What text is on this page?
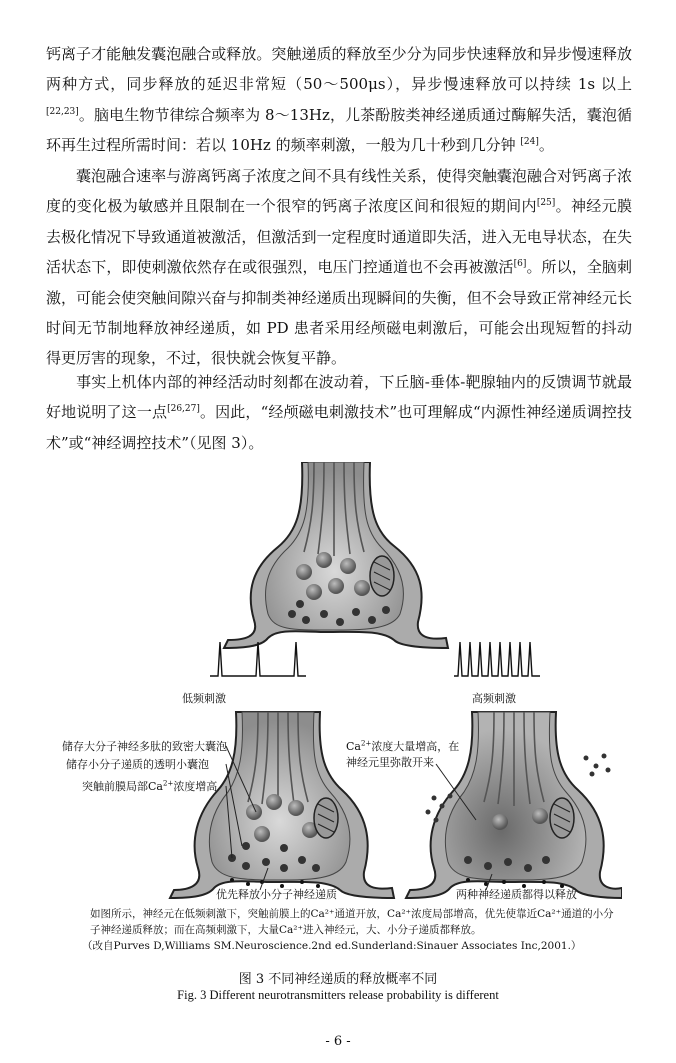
钙离子才能触发囊泡融合或释放。突触递质的释放至少分为同步快速释放和异步慢速释放两种方式，同步释放的延迟非常短（50～500μs），异步慢速释放可以持续 1s 以上[22,23]。脑电生物节律综合频率为 8～13Hz，儿茶酚胺类神经递质通过酶解失活，囊泡循环再生过程所需时间：若以 10Hz 的频率刺激，一般为几十秒到几分钟 [24]。

囊泡融合速率与游离钙离子浓度之间不具有线性关系，使得突触囊泡融合对钙离子浓度的变化极为敏感并且限制在一个很窄的钙离子浓度区间和很短的期间内[25]。神经元膜去极化情况下导致通道被激活，但激活到一定程度时通道即失活，进入无电导状态，在失活状态下，即使刺激依然存在或很强烈，电压门控通道也不会再被激活[6]。所以，全脑刺激，可能会使突触间隙兴奋与抑制类神经递质出现瞬间的失衡，但不会导致正常神经元长时间无节制地释放神经递质，如 PD 患者采用经颅磁电刺激后，可能会出现短暂的抖动得更厉害的现象，不过，很快就会恢复平静。

事实上机体内部的神经活动时刻都在波动着，下丘脑-垂体-靶腺轴内的反馈调节就最好地说明了这一点[26,27]。因此，“经颅磁电刺激技术”也可理解成“内源性神经递质调控技术”或“神经调控技术”（见图 3）。

低频刺激	高频刺激
储存大分子神经多肽的致密大囊泡
储存小分子递质的透明小囊泡
突触前膜局部$Ca^{2+}$浓度增高
$Ca^{2+}$浓度大量增高，在
神经元里弥散开来
优先释放小分子神经递质	两种神经递质都得以释放
如图所示，神经元在低频刺激下，突触前膜上的Ca²⁺通道开放，Ca²⁺浓度局部增高，优先使靠近Ca²⁺通道的小分
子神经递质释放；而在高频刺激下，大量Ca²⁺进入神经元，大、小分子递质都释放。
（改自Purves D,Williams SM.Neuroscience.2nd ed.Sunderland:Sinauer Associates Inc,2001.）
图 3 不同神经递质的释放概率不同
Fig. 3 Different neurotransmitters release probability is different
- 6 -
